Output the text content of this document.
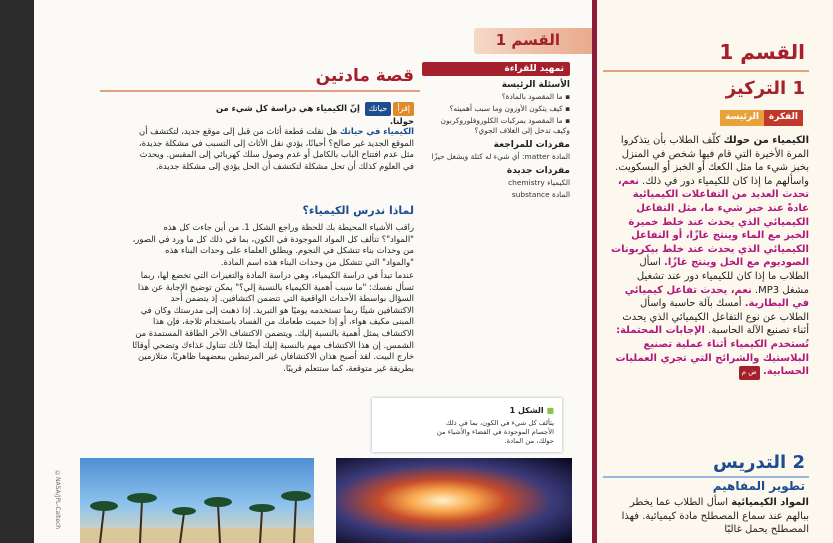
القسم 1
قصة مادتين
إقرأحياتك إنّ الكيمياء هي دراسة كل شيء من حولنا.
الكيمياء في حياتك هل نقلت قطعة أثاث من قبل إلى موقع جديد، لتكتشف أن الموقع الجديد غير صالح؟ أحيانًا، يؤدي نقل الأثاث إلى التسبب في مشكلة جديدة، مثل عدم افتتاح الباب بالكامل أو عدم وصول سلك كهربائي إلى المقبس. ويحدث في العلوم كذلك أن تحل مشكلة لتكتشف أن الحل يؤدي إلى مشكلة جديدة.
لماذا ندرس الكيمياء؟
راقب الأشياء المحيطة بك للحظة وراجع الشكل 1. من أين جاءت كل هذه "المواد"؟ تتألف كل المواد الموجودة في الكون، بما في ذلك كل ما ورد في الصور، من وحدات بناء تتشكل في النجوم. ويطلق العلماء على وحدات البناء هذه "والمواد" التي تتشكل من وحدات البناء هذه اسم المادة.
عندما تبدأ في دراسة الكيمياء، وهي دراسة المادة والتغيرات التي تخضع لها، ربما تسأل نفسك: "ما سبب أهمية الكيمياء بالنسبة إلي؟" يمكن توضيح الإجابة عن هذا السؤال بواسطة الأحداث الواقعية التي تتضمن اكتشافين. إذ يتضمن أحد الاكتشافين شيئًا ربما تستخدمه يوميًا هو التبريد. إذا ذهبت إلى مدرستك وكان في المبنى مكيف هواء، أو إذا حميت طعامك من الفساد باستخدام ثلاجة، فإن هذا الاكتشاف يمثل أهمية بالنسبة إليك. ويتضمن الاكتشاف الآخر الطاقة المستمدة من الشمس. إن هذا الاكتشاف مهم بالنسبة إليك أيضًا لأنك تتناول غذاءك وتضحي أوقاتًا خارج البيت. لقد أصبح هذان الاكتشافان غير المرتبطين ببعضهما ظاهريًا، متلازمين بطريقة غير متوقعة، كما ستتعلم قريبًا.
تمهيد للقراءة
الأسئلة الرئيسة
▪ ما المقصود بالمادة؟
▪ كيف يتكون الأوزون وما سبب أهميته؟
▪ ما المقصود بمركبات الكلوروفلوروكربون وكيف تدخل إلى الغلاف الجوي؟
مفردات للمراجعة
المادة matter: أي شيء له كتلة ويشغل حيزًا
مفردات جديدة
الكيمياء chemistry
المادة substance
■ الشكل 1
يتألف كل شيء في الكون، بما في ذلك الأجسام الموجودة في الفضاء والأشياء من حولك، من المادة.
©NASA/JPL-Caltech
القسم 1
1 التركيز
الفكرة
الرئيسة
الكيمياء من حولك كلّف الطلاب بأن يتذكروا المرة الأخيرة التي قام فيها شخص في المنزل بخبز شيء ما مثل الكعك أو الخبز أو البسكويت. واسألهم ما إذا كان للكيمياء دور في ذلك. نعم، تحدث العديد من التفاعلات الكيميائية عادةً عند خبز شيء ما، مثل التفاعل الكيميائي الذي يحدث عند خلط خميرة الخبز مع الماء وينتج غازًا، أو التفاعل الكيميائي الذي يحدث عند خلط بيكربونات الصوديوم مع الخل وينتج غازًا. اسأل الطلاب ما إذا كان للكيمياء دور عند تشغيل مشغل MP3. نعم، يحدث تفاعل كيميائي في البطارية. أمسك بآلة حاسبة واسأل الطلاب عن نوع التفاعل الكيميائي الذي يحدث أثناء تصنيع الآلة الحاسبة. الإجابات المحتملة: تُستخدم الكيمياء أثناء عملية تصنيع البلاستيك والشرائح التي تجري العمليات الحسابية. ض م
2 التدريس
تطوير المفاهيم
المواد الكيميائية اسأل الطلاب عما يخطر ببالهم عند سماع المصطلح مادة كيميائية. فهذا المصطلح يحمل غالبًا
